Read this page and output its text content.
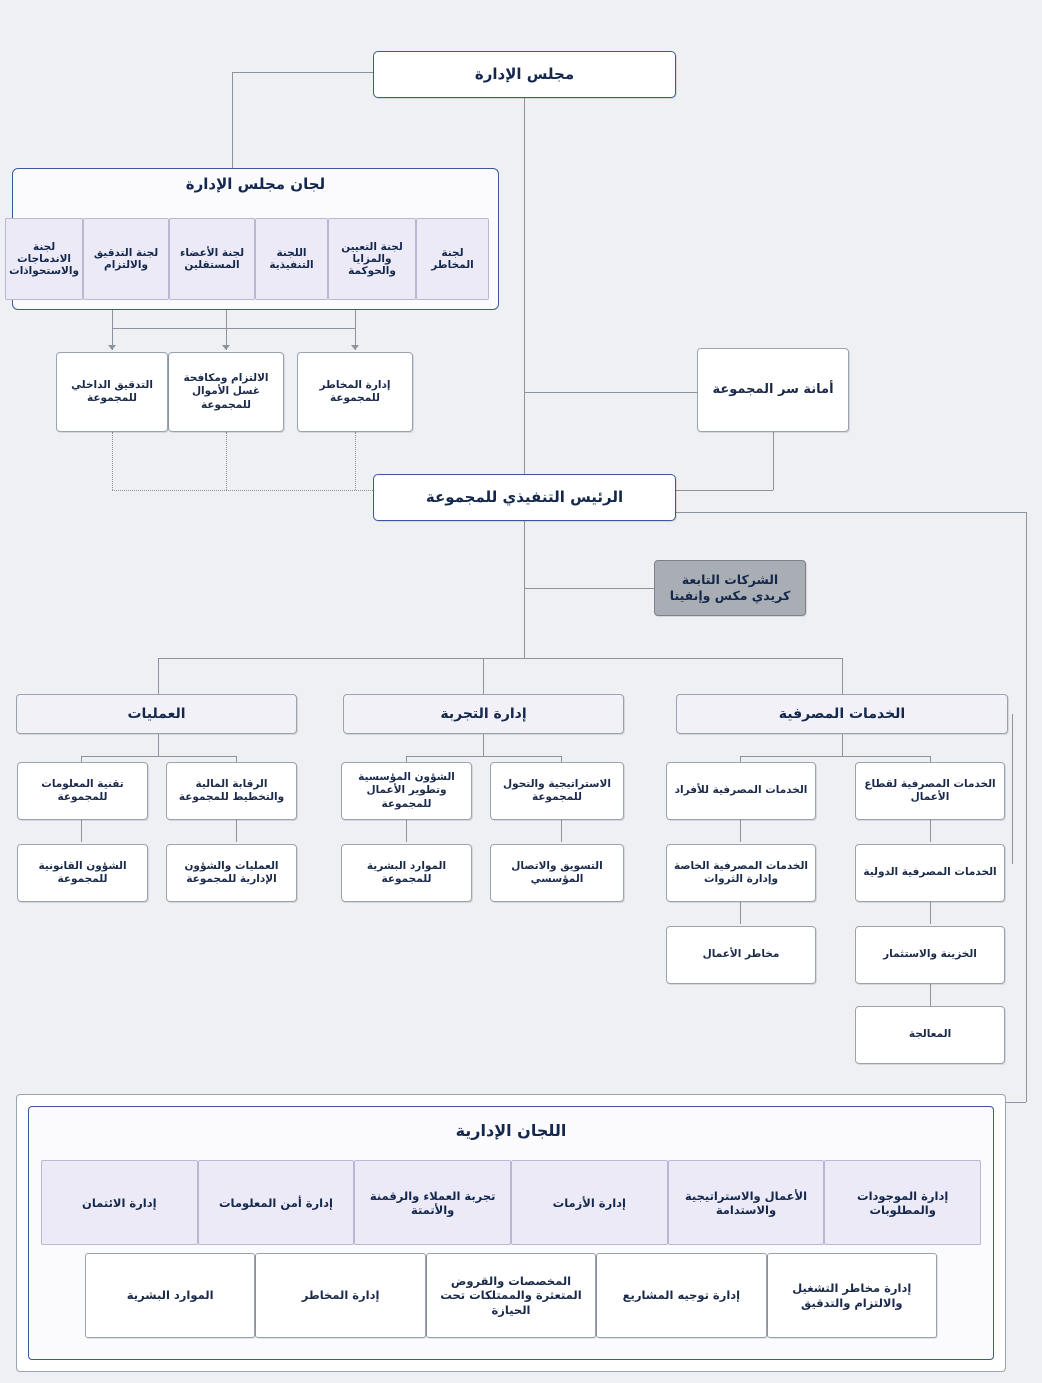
مجلس الإدارة
لجان مجلس الإدارة
لجنة المخاطر
لجنة التعيين والمزايا والحوكمة
اللجنة التنفيذية
لجنة الأعضاء المستقلين
لجنة التدقيق والالتزام
لجنة الاندماجات والاستحواذات
إدارة المخاطر للمجموعة
الالتزام ومكافحة غسل الأموال للمجموعة
التدقيق الداخلي للمجموعة
أمانة سر المجموعة
الرئيس التنفيذي للمجموعة
الشركات التابعة
كريدي مكس وإنفيتا
الخدمات المصرفية
الخدمات المصرفية لقطاع الأعمال
الخدمات المصرفية الدولية
الخزينة والاستثمار
المعالجة
الخدمات المصرفية للأفراد
الخدمات المصرفية الخاصة وإدارة الثروات
مخاطر الأعمال
إدارة التجربة
الشؤون المؤسسية وتطوير الأعمال للمجموعة
الموارد البشرية للمجموعة
الاستراتيجية والتحول للمجموعة
التسويق والاتصال المؤسسي
العمليات
الرقابة المالية والتخطيط للمجموعة
العمليات والشؤون الإدارية للمجموعة
تقنية المعلومات للمجموعة
الشؤون القانونية للمجموعة
اللجان الإدارية
إدارة الموجودات والمطلوبات
الأعمال والاستراتيجية والاستدامة
إدارة الأزمات
تجربة العملاء والرقمنة والأتمتة
إدارة أمن المعلومات
إدارة الائتمان
إدارة مخاطر التشغيل والالتزام والتدقيق
إدارة توجيه المشاريع
المخصصات والقروض المتعثرة والممتلكات تحت الحيازة
إدارة المخاطر
الموارد البشرية
